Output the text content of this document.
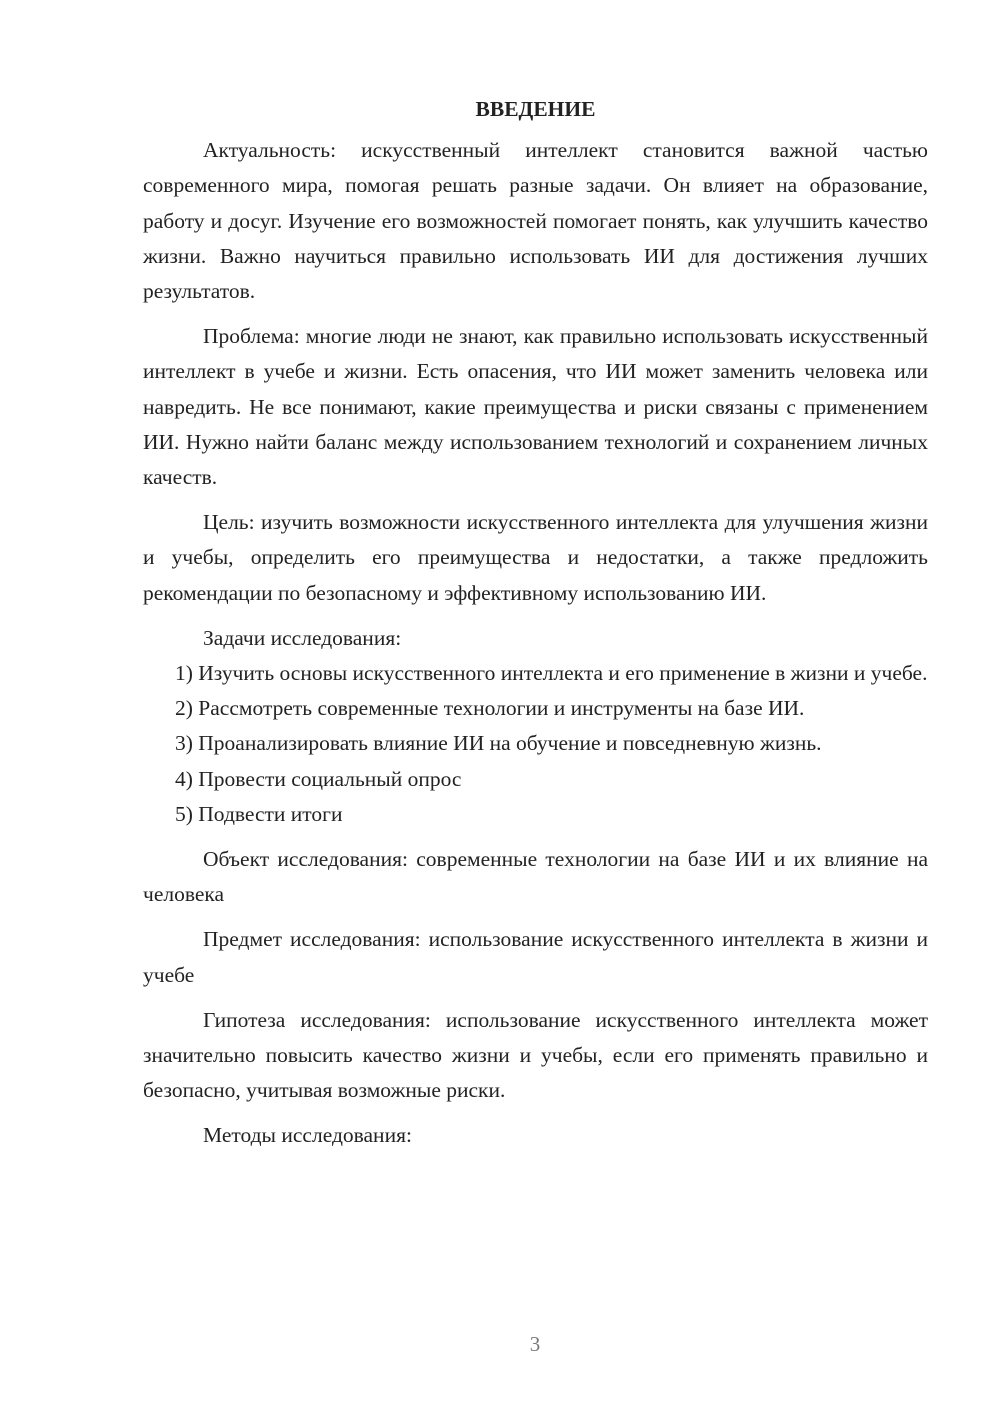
ВВЕДЕНИЕ

Актуальность: искусственный интеллект становится важной частью современного мира, помогая решать разные задачи. Он влияет на образование, работу и досуг. Изучение его возможностей помогает понять, как улучшить качество жизни. Важно научиться правильно использовать ИИ для достижения лучших результатов.

Проблема: многие люди не знают, как правильно использовать искусственный интеллект в учебе и жизни. Есть опасения, что ИИ может заменить человека или навредить. Не все понимают, какие преимущества и риски связаны с применением ИИ. Нужно найти баланс между использованием технологий и сохранением личных качеств.

Цель: изучить возможности искусственного интеллекта для улучшения жизни и учебы, определить его преимущества и недостатки, а также предложить рекомендации по безопасному и эффективному использованию ИИ.

Задачи исследования:

1) Изучить основы искусственного интеллекта и его применение в жизни и учебе.

2) Рассмотреть современные технологии и инструменты на базе ИИ.

3) Проанализировать влияние ИИ на обучение и повседневную жизнь.

4) Провести социальный опрос

5) Подвести итоги

Объект исследования: современные технологии на базе ИИ и их влияние на человека

Предмет исследования: использование искусственного интеллекта в жизни и учебе

Гипотеза исследования: использование искусственного интеллекта может значительно повысить качество жизни и учебы, если его применять правильно и безопасно, учитывая возможные риски.

Методы исследования:

3
